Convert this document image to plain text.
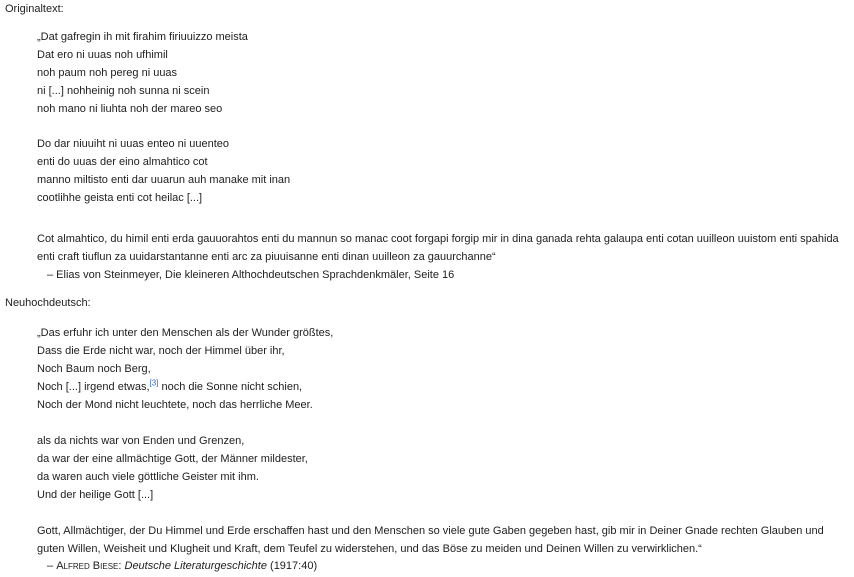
Originaltext:
„Dat gafregin ih mit firahim firiuuizzo meista
Dat ero ni uuas noh ufhimil
noh paum noh pereg ni uuas
ni [...] nohheinig noh sunna ni scein
noh mano ni liuhta noh der mareo seo
Do dar niuuiht ni uuas enteo ni uuenteo
enti do uuas der eino almahtico cot
manno miltisto enti dar uuarun auh manake mit inan
cootlihhe geista enti cot heilac [...]
Cot almahtico, du himil enti erda gauuorahtos enti du mannun so manac coot forgapi forgip mir in dina ganada rehta galaupa enti cotan uuilleon uuistom enti spahida enti craft tiuflun za uuidarstantanne enti arc za piuuisanne enti dinan uuilleon za gauurchanne“
– Elias von Steinmeyer, Die kleineren Althochdeutschen Sprachdenkmäler, Seite 16
Neuhochdeutsch:
„Das erfuhr ich unter den Menschen als der Wunder größtes,
Dass die Erde nicht war, noch der Himmel über ihr,
Noch Baum noch Berg,
Noch [...] irgend etwas,[3] noch die Sonne nicht schien,
Noch der Mond nicht leuchtete, noch das herrliche Meer.
als da nichts war von Enden und Grenzen,
da war der eine allmächtige Gott, der Männer mildester,
da waren auch viele göttliche Geister mit ihm.
Und der heilige Gott [...]
Gott, Allmächtiger, der Du Himmel und Erde erschaffen hast und den Menschen so viele gute Gaben gegeben hast, gib mir in Deiner Gnade rechten Glauben und guten Willen, Weisheit und Klugheit und Kraft, dem Teufel zu widerstehen, und das Böse zu meiden und Deinen Willen zu verwirklichen.“
– Alfred Biese: Deutsche Literaturgeschichte (1917:40)
